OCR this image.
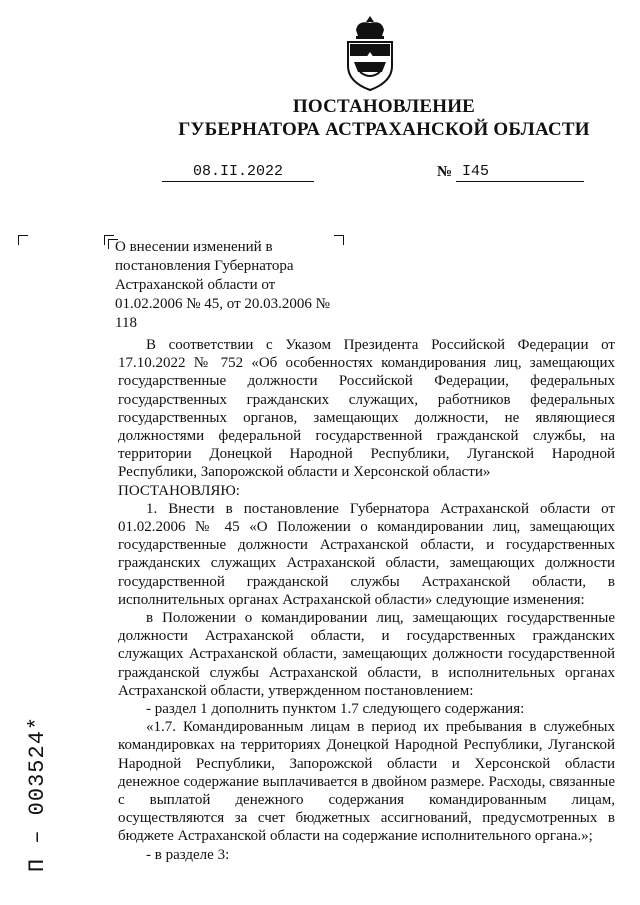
ПОСТАНОВЛЕНИЕ
ГУБЕРНАТОРА АСТРАХАНСКОЙ ОБЛАСТИ
08.II.2022	№ I45
О внесении изменений в постановления Губернатора Астраханской области от 01.02.2006 № 45, от 20.03.2006 № 118

В соответствии с Указом Президента Российской Федерации от 17.10.2022 № 752 «Об особенностях командирования лиц, замещающих государственные должности Российской Федерации, федеральных государственных гражданских служащих, работников федеральных государственных органов, замещающих должности, не являющиеся должностями федеральной государственной гражданской службы, на территории Донецкой Народной Республики, Луганской Народной Республики, Запорожской области и Херсонской области»

ПОСТАНОВЛЯЮ:

1. Внести в постановление Губернатора Астраханской области от 01.02.2006 № 45 «О Положении о командировании лиц, замещающих государственные должности Астраханской области, и государственных гражданских служащих Астраханской области, замещающих должности государственной гражданской службы Астраханской области, в исполнительных органах Астраханской области» следующие изменения:

в Положении о командировании лиц, замещающих государственные должности Астраханской области, и государственных гражданских служащих Астраханской области, замещающих должности государственной гражданской службы Астраханской области, в исполнительных органах Астраханской области, утвержденном постановлением:

- раздел 1 дополнить пунктом 1.7 следующего содержания:

«1.7. Командированным лицам в период их пребывания в служебных командировках на территориях Донецкой Народной Республики, Луганской Народной Республики, Запорожской области и Херсонской области денежное содержание выплачивается в двойном размере. Расходы, связанные с выплатой денежного содержания командированным лицам, осуществляются за счет бюджетных ассигнований, предусмотренных в бюджете Астраханской области на содержание исполнительного органа.»;

- в разделе 3:

П – 003524*
